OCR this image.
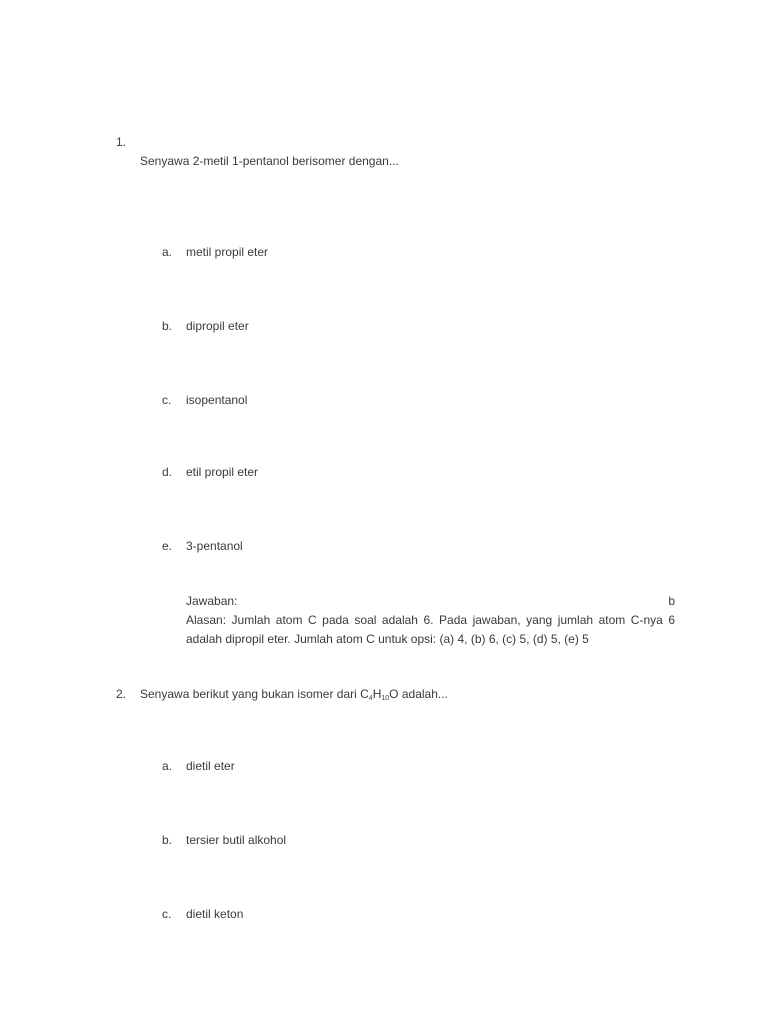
1.
Senyawa 2-metil 1-pentanol berisomer dengan...
a. metil propil eter
b. dipropil eter
c. isopentanol
d. etil propil eter
e. 3-pentanol
Jawaban:	b
Alasan: Jumlah atom C pada soal adalah 6. Pada jawaban, yang jumlah atom C-nya 6 adalah dipropil eter. Jumlah atom C untuk opsi: (a) 4, (b) 6, (c) 5, (d) 5, (e) 5
2. Senyawa berikut yang bukan isomer dari $C_4H_{10}O$ adalah...
a. dietil eter
b. tersier butil alkohol
c. dietil keton
